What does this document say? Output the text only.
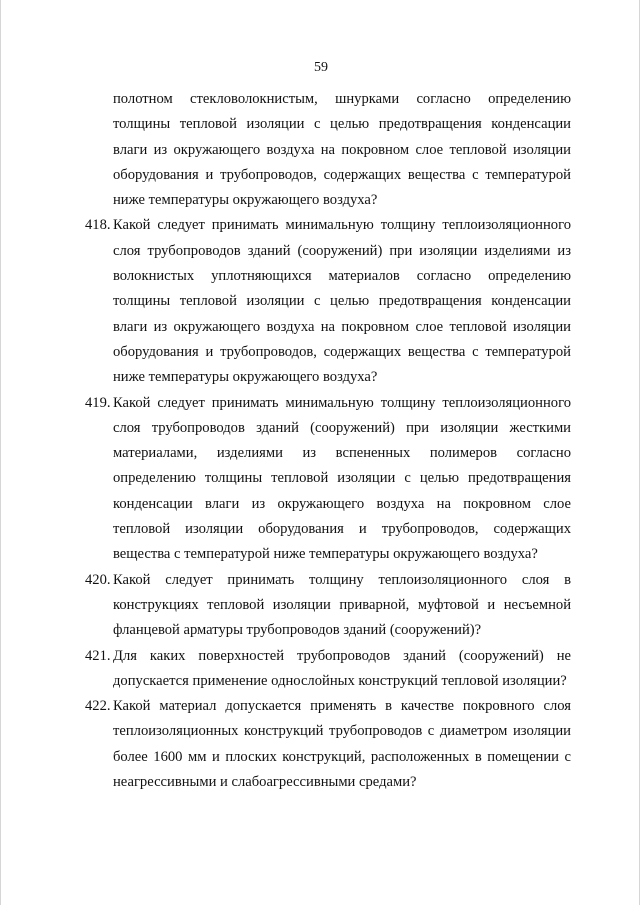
59

полотном стекловолокнистым, шнурками согласно определению толщины тепловой изоляции с целью предотвращения конденсации влаги из окружающего воздуха на покровном слое тепловой изоляции оборудования и трубопроводов, содержащих вещества с температурой ниже температуры окружающего воздуха?

418. Какой следует принимать минимальную толщину теплоизоляционного слоя трубопроводов зданий (сооружений) при изоляции изделиями из волокнистых уплотняющихся материалов согласно определению толщины тепловой изоляции с целью предотвращения конденсации влаги из окружающего воздуха на покровном слое тепловой изоляции оборудования и трубопроводов, содержащих вещества с температурой ниже температуры окружающего воздуха?

419. Какой следует принимать минимальную толщину теплоизоляционного слоя трубопроводов зданий (сооружений) при изоляции жесткими материалами, изделиями из вспененных полимеров согласно определению толщины тепловой изоляции с целью предотвращения конденсации влаги из окружающего воздуха на покровном слое тепловой изоляции оборудования и трубопроводов, содержащих вещества с температурой ниже температуры окружающего воздуха?

420. Какой следует принимать толщину теплоизоляционного слоя в конструкциях тепловой изоляции приварной, муфтовой и несъемной фланцевой арматуры трубопроводов зданий (сооружений)?

421. Для каких поверхностей трубопроводов зданий (сооружений) не допускается применение однослойных конструкций тепловой изоляции?

422. Какой материал допускается применять в качестве покровного слоя теплоизоляционных конструкций трубопроводов с диаметром изоляции более 1600 мм и плоских конструкций, расположенных в помещении с неагрессивными и слабоагрессивными средами?
